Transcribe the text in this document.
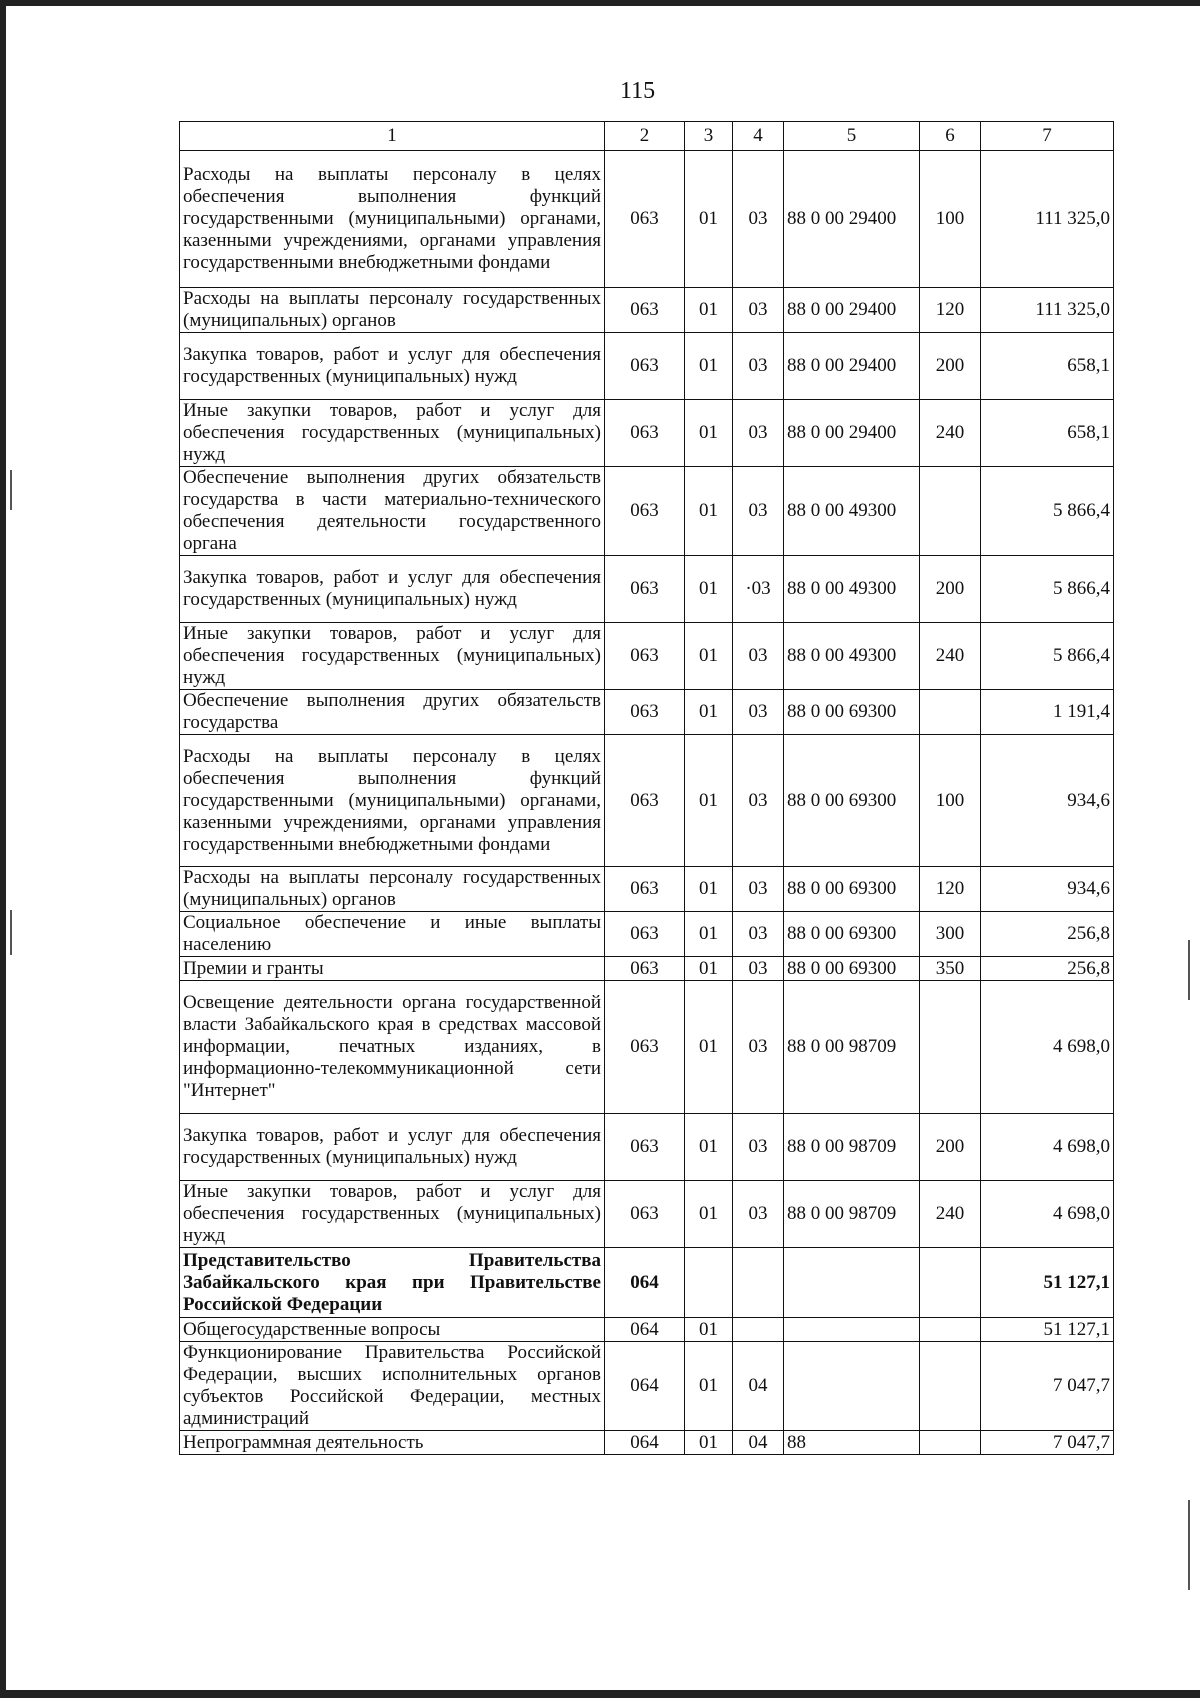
115
1	2	3	4	5	6	7
Расходы на выплаты персоналу в целях обеспечения выполнения функций государственными (муниципальными) органами, казенными учреждениями, органами управления государственными внебюджетными фондами	063	01	03	88 0 00 29400	100	111 325,0
Расходы на выплаты персоналу государственных (муниципальных) органов	063	01	03	88 0 00 29400	120	111 325,0
Закупка товаров, работ и услуг для обеспечения государственных (муниципальных) нужд	063	01	03	88 0 00 29400	200	658,1
Иные закупки товаров, работ и услуг для обеспечения государственных (муниципальных) нужд	063	01	03	88 0 00 29400	240	658,1
Обеспечение выполнения других обязательств государства в части материально-технического обеспечения деятельности государственного органа	063	01	03	88 0 00 49300		5 866,4
Закупка товаров, работ и услуг для обеспечения государственных (муниципальных) нужд	063	01	·03	88 0 00 49300	200	5 866,4
Иные закупки товаров, работ и услуг для обеспечения государственных (муниципальных) нужд	063	01	03	88 0 00 49300	240	5 866,4
Обеспечение выполнения других обязательств государства	063	01	03	88 0 00 69300		1 191,4
Расходы на выплаты персоналу в целях обеспечения выполнения функций государственными (муниципальными) органами, казенными учреждениями, органами управления государственными внебюджетными фондами	063	01	03	88 0 00 69300	100	934,6
Расходы на выплаты персоналу государственных (муниципальных) органов	063	01	03	88 0 00 69300	120	934,6
Социальное обеспечение и иные выплаты населению	063	01	03	88 0 00 69300	300	256,8
Премии и гранты	063	01	03	88 0 00 69300	350	256,8
Освещение деятельности органа государственной власти Забайкальского края в средствах массовой информации, печатных изданиях, в информационно-телекоммуникационной сети "Интернет"	063	01	03	88 0 00 98709		4 698,0
Закупка товаров, работ и услуг для обеспечения государственных (муниципальных) нужд	063	01	03	88 0 00 98709	200	4 698,0
Иные закупки товаров, работ и услуг для обеспечения государственных (муниципальных) нужд	063	01	03	88 0 00 98709	240	4 698,0
Представительство Правительства Забайкальского края при Правительстве Российской Федерации	064					51 127,1
Общегосударственные вопросы	064	01				51 127,1
Функционирование Правительства Российской Федерации, высших исполнительных органов субъектов Российской Федерации, местных администраций	064	01	04			7 047,7
Непрограммная деятельность	064	01	04	88		7 047,7
